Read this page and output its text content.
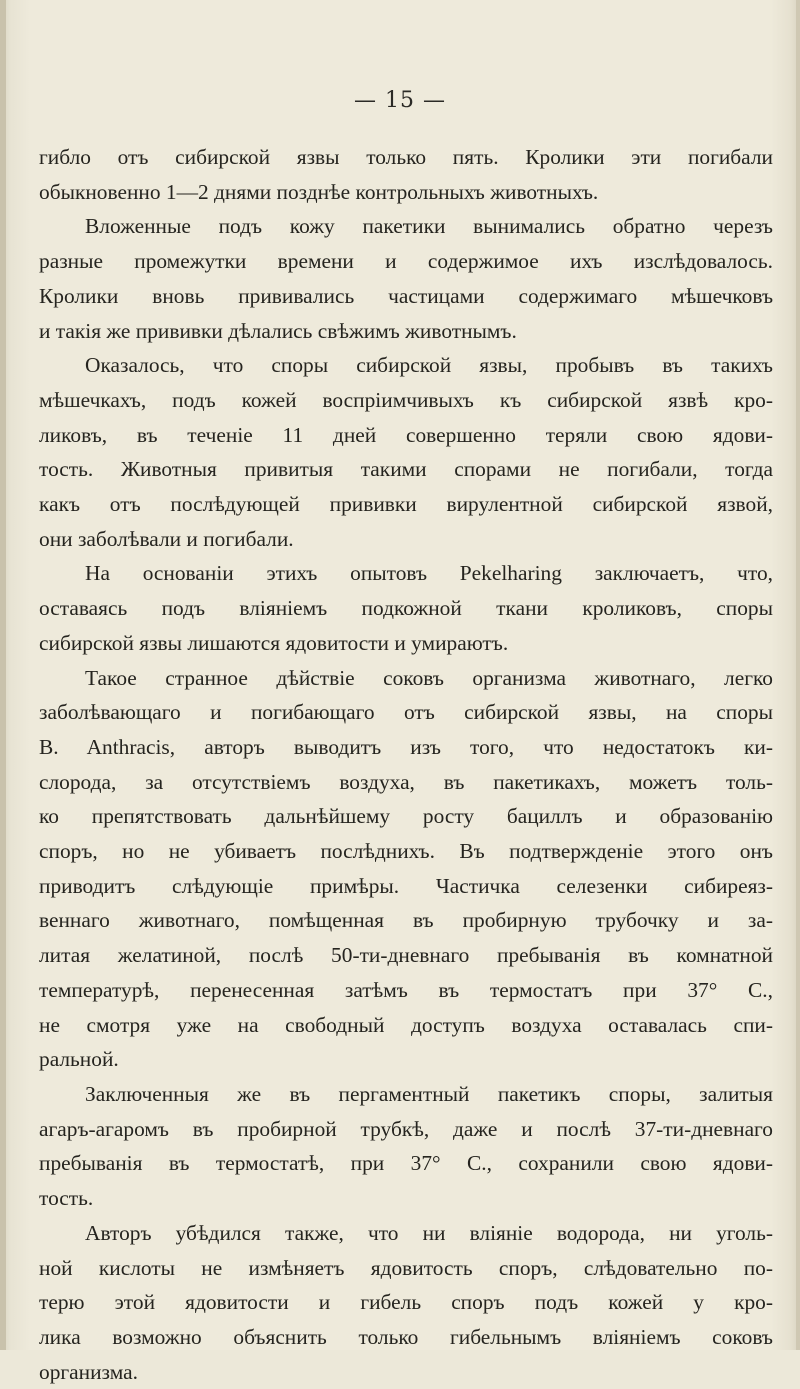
— 15 —
гибло отъ сибирской язвы только пять. Кролики эти погибали
обыкновенно 1—2 днями позднѣе контрольныхъ животныхъ.
Вложенные подъ кожу пакетики вынимались обратно черезъ
разные промежутки времени и содержимое ихъ изслѣдовалось.
Кролики вновь прививались частицами содержимаго мѣшечковъ
и такія же прививки дѣлались свѣжимъ животнымъ.
Оказалось, что споры сибирской язвы, пробывъ въ такихъ
мѣшечкахъ, подъ кожей воспріимчивыхъ къ сибирской язвѣ кро-
ликовъ, въ теченіе 11 дней совершенно теряли свою ядови-
тость. Животныя привитыя такими спорами не погибали, тогда
какъ отъ послѣдующей прививки вирулентной сибирской язвой,
они заболѣвали и погибали.
На основаніи этихъ опытовъ Pekelharing заключаетъ, что,
оставаясь подъ вліяніемъ подкожной ткани кроликовъ, споры
сибирской язвы лишаются ядовитости и умираютъ.
Такое странное дѣйствіе соковъ организма животнаго, легко
заболѣвающаго и погибающаго отъ сибирской язвы, на споры
B. Anthracis, авторъ выводитъ изъ того, что недостатокъ ки-
слорода, за отсутствіемъ воздуха, въ пакетикахъ, можетъ толь-
ко препятствовать дальнѣйшему росту бациллъ и образованію
споръ, но не убиваетъ послѣднихъ. Въ подтвержденіе этого онъ
приводитъ слѣдующіе примѣры. Частичка селезенки сибиреяз-
веннаго животнаго, помѣщенная въ пробирную трубочку и за-
литая желатиной, послѣ 50-ти-дневнаго пребыванія въ комнатной
температурѣ, перенесенная затѣмъ въ термостатъ при 37° С.,
не смотря уже на свободный доступъ воздуха оставалась спи-
ральной.
Заключенныя же въ пергаментный пакетикъ споры, залитыя
агаръ-агаромъ въ пробирной трубкѣ, даже и послѣ 37-ти-дневнаго
пребыванія въ термостатѣ, при 37° С., сохранили свою ядови-
тость.
Авторъ убѣдился также, что ни вліяніе водорода, ни уголь-
ной кислоты не измѣняетъ ядовитость споръ, слѣдовательно по-
терю этой ядовитости и гибель споръ подъ кожей у кро-
лика возможно объяснить только гибельнымъ вліяніемъ соковъ
организма.
